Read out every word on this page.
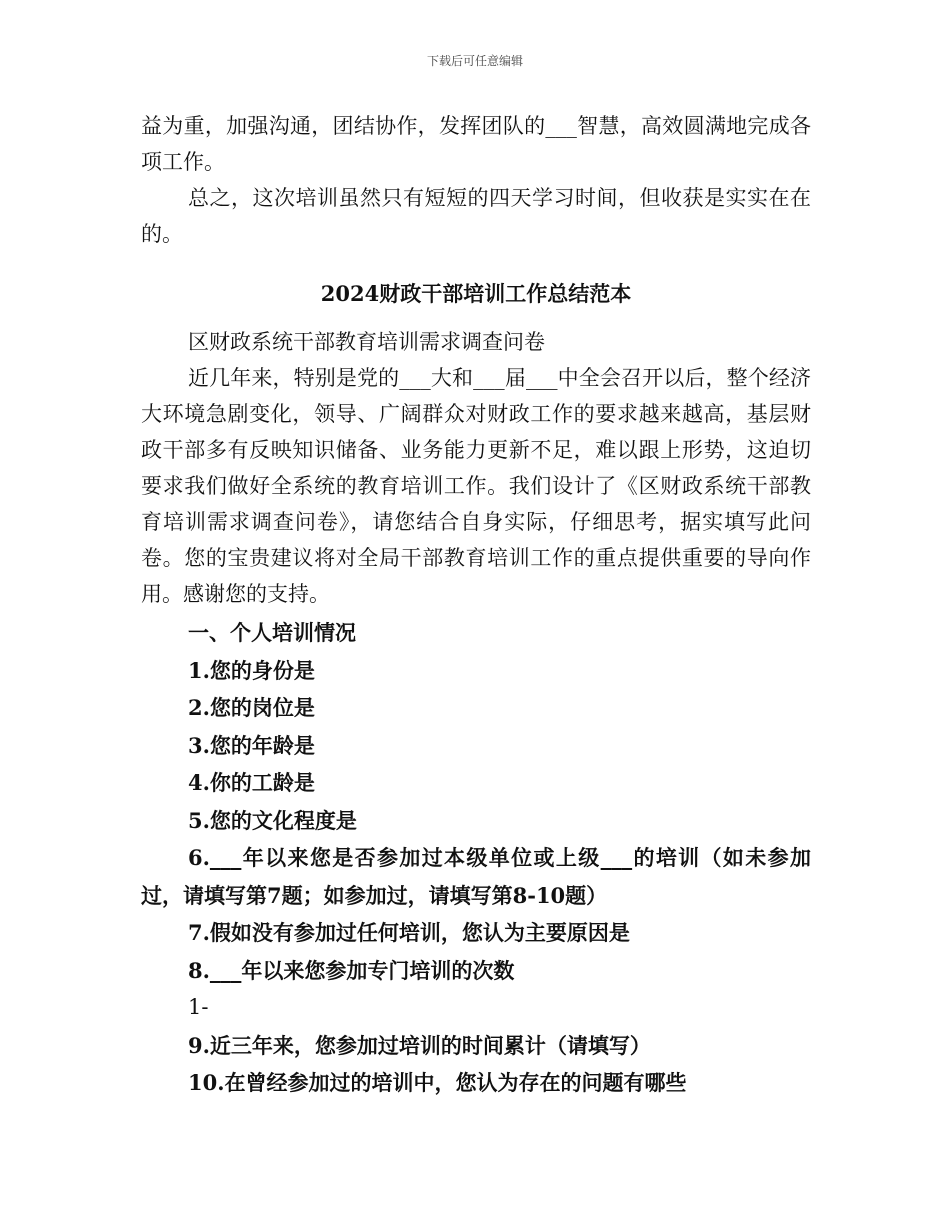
下载后可任意编辑

益为重，加强沟通，团结协作，发挥团队的___智慧，高效圆满地完成各项工作。

总之，这次培训虽然只有短短的四天学习时间，但收获是实实在在的。

2024财政干部培训工作总结范本

区财政系统干部教育培训需求调查问卷

近几年来，特别是党的___大和___届___中全会召开以后，整个经济大环境急剧变化，领导、广阔群众对财政工作的要求越来越高，基层财政干部多有反映知识储备、业务能力更新不足，难以跟上形势，这迫切要求我们做好全系统的教育培训工作。我们设计了《区财政系统干部教育培训需求调查问卷》，请您结合自身实际，仔细思考，据实填写此问卷。您的宝贵建议将对全局干部教育培训工作的重点提供重要的导向作用。感谢您的支持。

一、个人培训情况

1.您的身份是

2.您的岗位是

3.您的年龄是

4.你的工龄是

5.您的文化程度是

6.___年以来您是否参加过本级单位或上级___的培训（如未参加过，请填写第7题；如参加过，请填写第8-10题）

7.假如没有参加过任何培训，您认为主要原因是

8.___年以来您参加专门培训的次数

1-

9.近三年来，您参加过培训的时间累计（请填写）

10.在曾经参加过的培训中，您认为存在的问题有哪些
